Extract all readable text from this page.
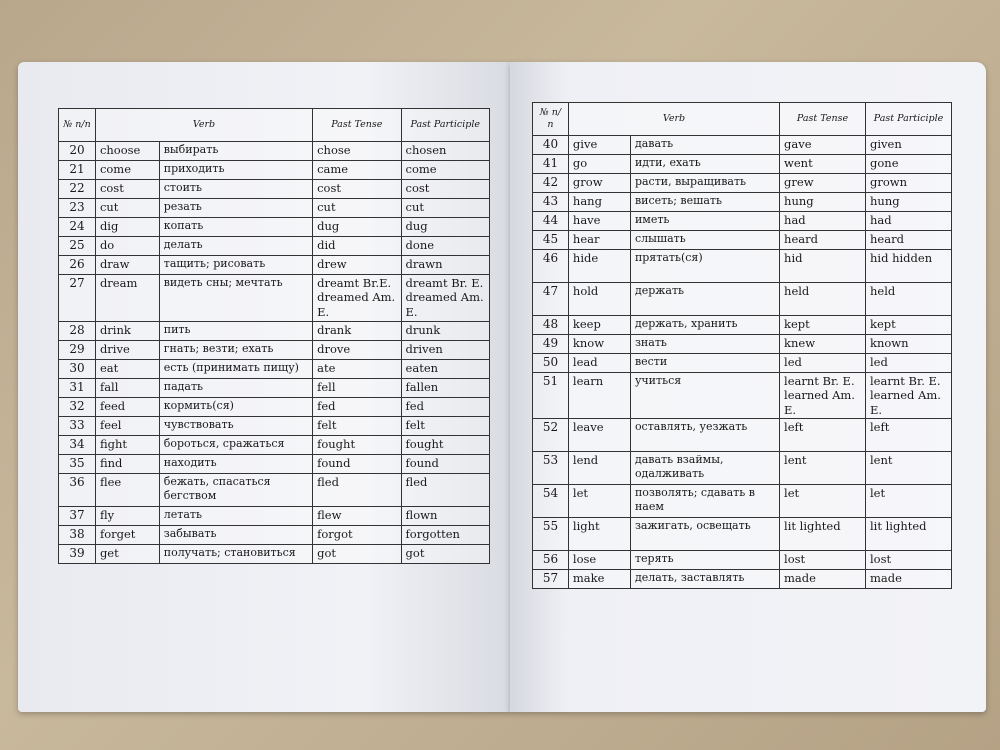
№ п/п	Verb		Past Tense	Past Participle
20	choose	выбирать	chose	chosen
21	come	приходить	came	come
22	cost	стоить	cost	cost
23	cut	резать	cut	cut
24	dig	копать	dug	dug
25	do	делать	did	done
26	draw	тащить; рисовать	drew	drawn
27	dream	видеть сны; мечтать	dreamt Br.E. dreamed Am. E.	dreamt Br. E. dreamed Am. E.
28	drink	пить	drank	drunk
29	drive	гнать; везти; ехать	drove	driven
30	eat	есть (принимать пищу)	ate	eaten
31	fall	падать	fell	fallen
32	feed	кормить(ся)	fed	fed
33	feel	чувствовать	felt	felt
34	fight	бороться, сражаться	fought	fought
35	find	находить	found	found
36	flee	бежать, спасаться бегством	fled	fled
37	fly	летать	flew	flown
38	forget	забывать	forgot	forgotten
39	get	получать; становиться	got	got
№ п/п	Verb		Past Tense	Past Participle
40	give	давать	gave	given
41	go	идти, ехать	went	gone
42	grow	расти, выращивать	grew	grown
43	hang	висеть; вешать	hung	hung
44	have	иметь	had	had
45	hear	слышать	heard	heard
46	hide	прятать(ся)	hid	hid hidden
47	hold	держать	held	held
48	keep	держать, хранить	kept	kept
49	know	знать	knew	known
50	lead	вести	led	led
51	learn	учиться	learnt Br. E. learned Am. E.	learnt Br. E. learned Am. E.
52	leave	оставлять, уезжать	left	left
53	lend	давать взаймы, одалживать	lent	lent
54	let	позволять; сдавать в наем	let	let
55	light	зажигать, освещать	lit lighted	lit lighted
56	lose	терять	lost	lost
57	make	делать, заставлять	made	made
